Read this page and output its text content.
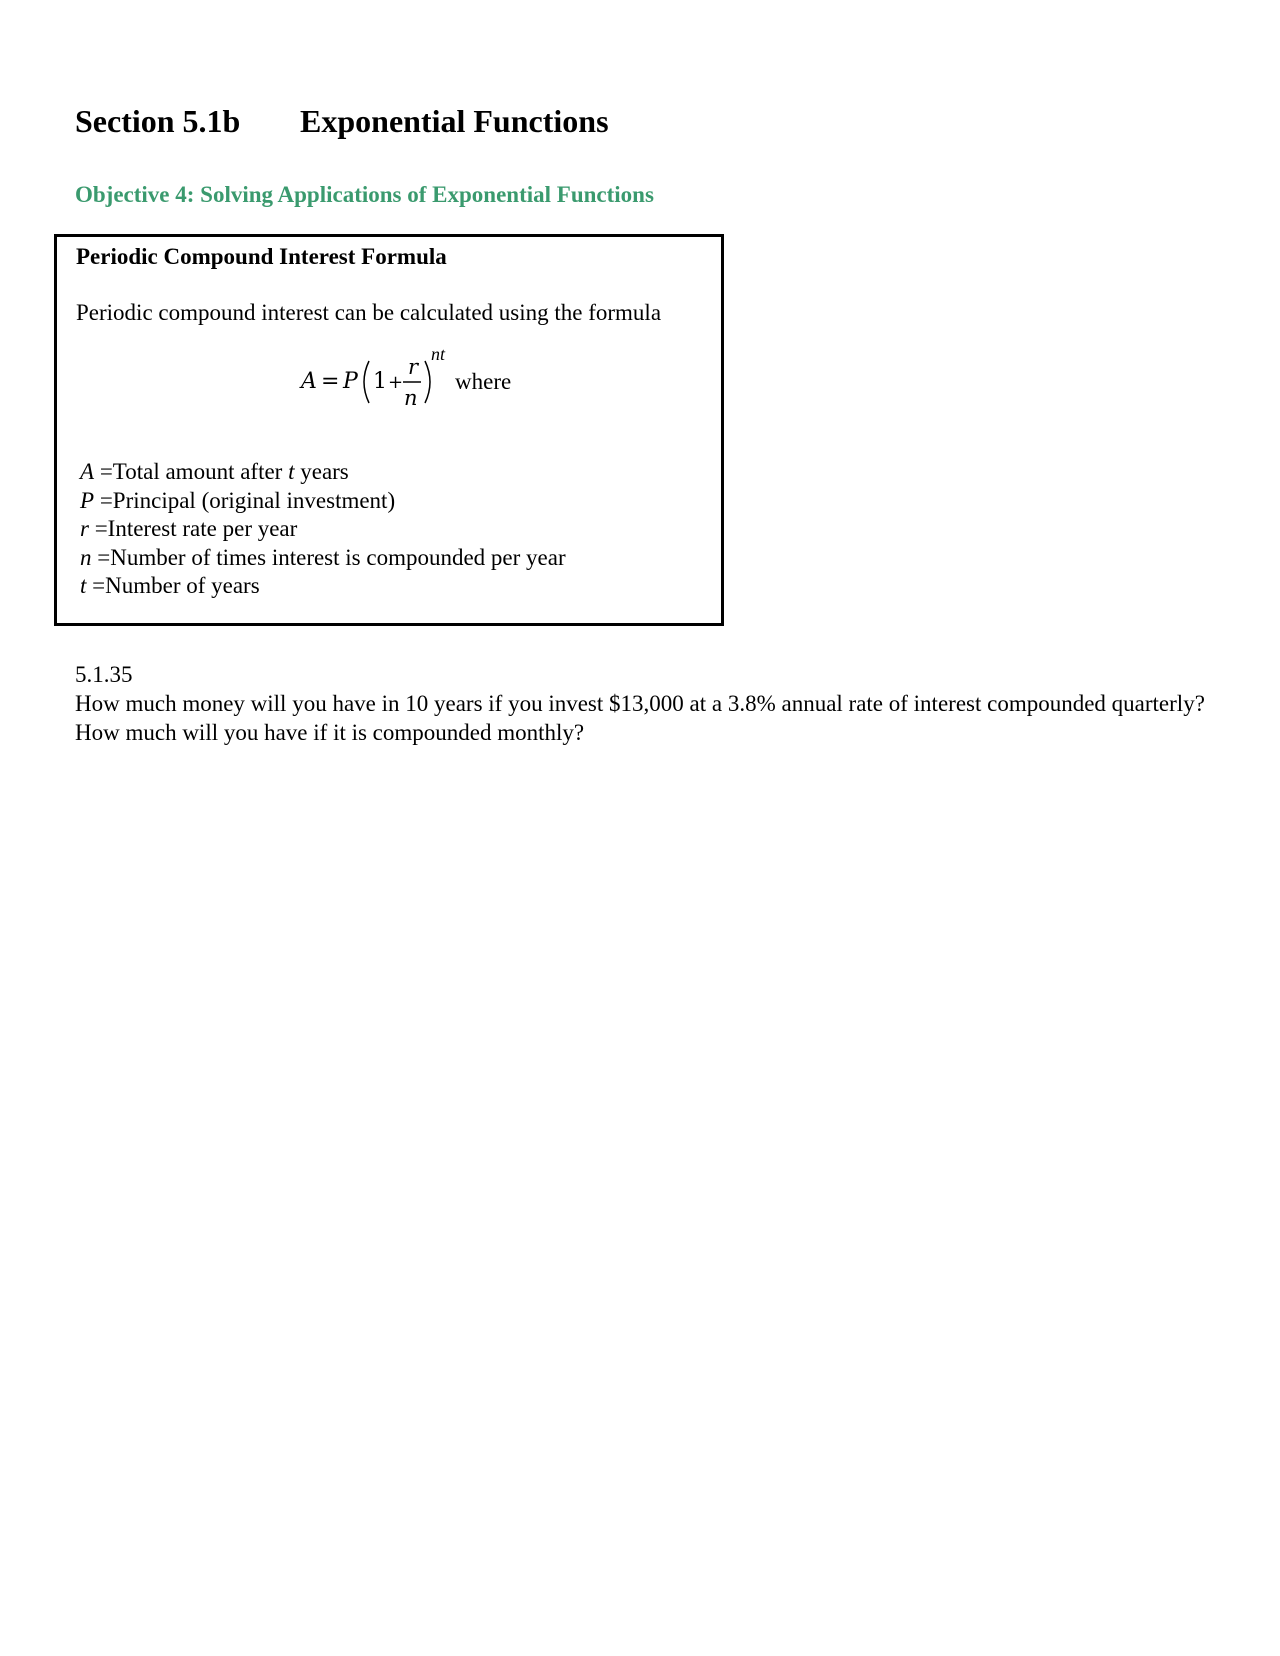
Section 5.1b Exponential Functions
Objective 4: Solving Applications of Exponential Functions
Periodic Compound Interest Formula
Periodic compound interest can be calculated using the formula
A = P 1 +
r
n
nt
where
A =Total amount after t years
P =Principal (original investment)
r =Interest rate per year
n =Number of times interest is compounded per year
t =Number of years
5.1.35

How much money will you have in 10 years if you invest $13,000 at a 3.8% annual rate of interest compounded quarterly? How much will you have if it is compounded monthly?
